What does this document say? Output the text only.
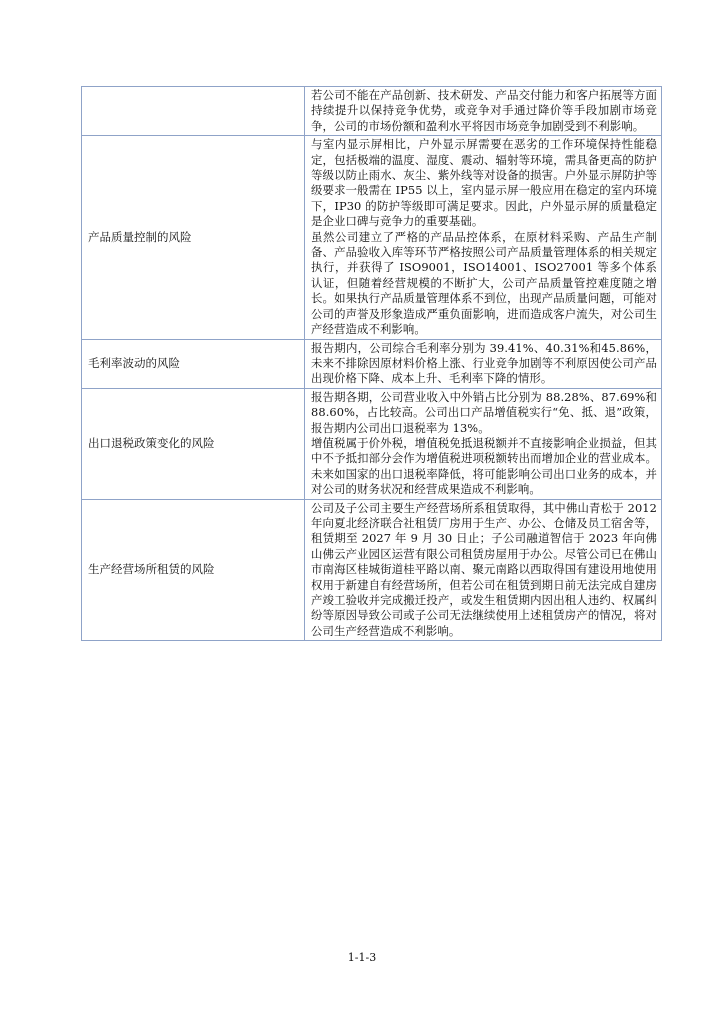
	若公司不能在产品创新、技术研发、产品交付能力和客户拓展等方面持续提升以保持竞争优势，或竞争对手通过降价等手段加剧市场竞争，公司的市场份额和盈利水平将因市场竞争加剧受到不利影响。

产品质量控制的风险	与室内显示屏相比，户外显示屏需要在恶劣的工作环境保持性能稳定，包括极端的温度、湿度、震动、辐射等环境，需具备更高的防护等级以防止雨水、灰尘、紫外线等对设备的损害。户外显示屏防护等级要求一般需在 IP55 以上，室内显示屏一般应用在稳定的室内环境下，IP30 的防护等级即可满足要求。因此，户外显示屏的质量稳定是企业口碑与竞争力的重要基础。
虽然公司建立了严格的产品品控体系，在原材料采购、产品生产制备、产品验收入库等环节严格按照公司产品质量管理体系的相关规定执行，并获得了 ISO9001，ISO14001、ISO27001 等多个体系认证，但随着经营规模的不断扩大，公司产品质量管控难度随之增长。如果执行产品质量管理体系不到位，出现产品质量问题，可能对公司的声誉及形象造成严重负面影响，进而造成客户流失，对公司生产经营造成不利影响。

毛利率波动的风险	报告期内，公司综合毛利率分别为 39.41%、40.31%和45.86%，未来不排除因原材料价格上涨、行业竞争加剧等不利原因使公司产品出现价格下降、成本上升、毛利率下降的情形。

出口退税政策变化的风险	报告期各期，公司营业收入中外销占比分别为 88.28%、87.69%和 88.60%，占比较高。公司出口产品增值税实行“免、抵、退”政策，报告期内公司出口退税率为 13%。
增值税属于价外税，增值税免抵退税额并不直接影响企业损益，但其中不予抵扣部分会作为增值税进项税额转出而增加企业的营业成本。未来如国家的出口退税率降低，将可能影响公司出口业务的成本，并对公司的财务状况和经营成果造成不利影响。

生产经营场所租赁的风险	公司及子公司主要生产经营场所系租赁取得，其中佛山青松于 2012 年向夏北经济联合社租赁厂房用于生产、办公、仓储及员工宿舍等，租赁期至 2027 年 9 月 30 日止；子公司融道智信于 2023 年向佛山佛云产业园区运营有限公司租赁房屋用于办公。尽管公司已在佛山市南海区桂城街道桂平路以南、聚元南路以西取得国有建设用地使用权用于新建自有经营场所，但若公司在租赁到期日前无法完成自建房产竣工验收并完成搬迁投产，或发生租赁期内因出租人违约、权属纠纷等原因导致公司或子公司无法继续使用上述租赁房产的情况，将对公司生产经营造成不利影响。
1-1-3
